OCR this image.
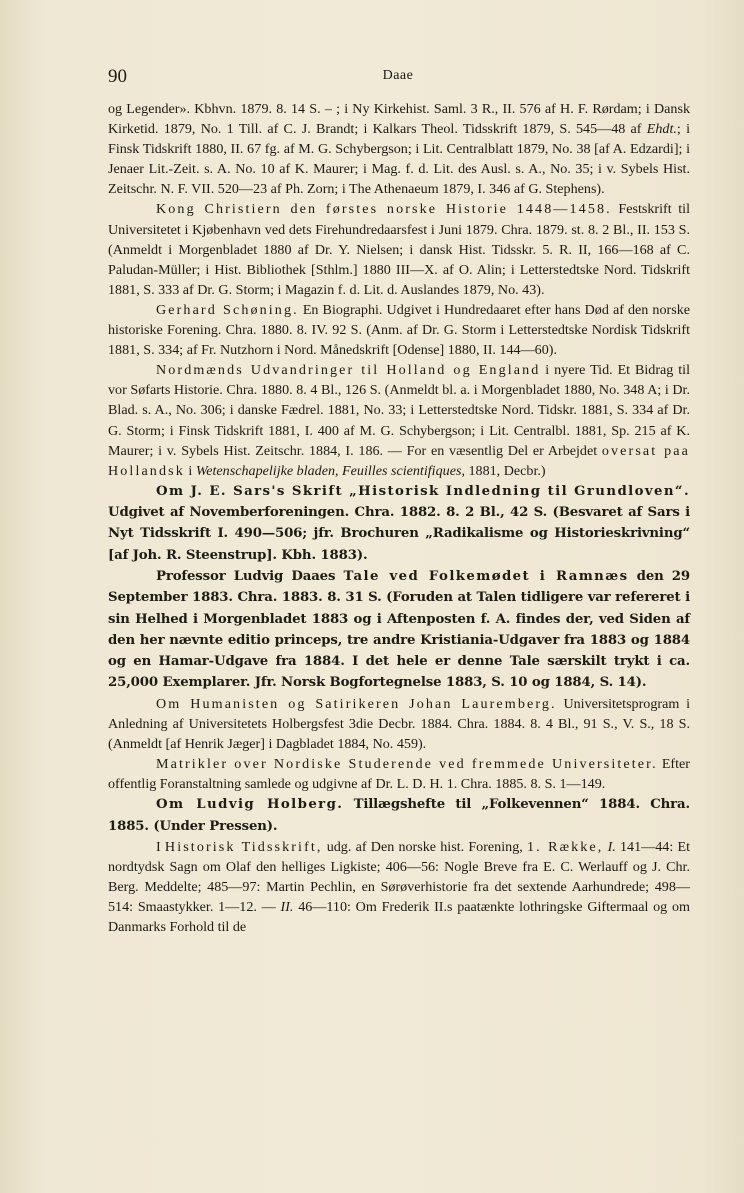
90	Daae

og Legender». Kbhvn. 1879. 8. 14 S. – ; i Ny Kirkehist. Saml. 3 R., II. 576 af H. F. Rørdam; i Dansk Kirketid. 1879, No. 1 Till. af C. J. Brandt; i Kalkars Theol. Tidsskrift 1879, S. 545—48 af Ehdt.; i Finsk Tidskrift 1880, II. 67 fg. af M. G. Schybergson; i Lit. Centralblatt 1879, No. 38 [af A. Edzardi]; i Jenaer Lit.-Zeit. s. A. No. 10 af K. Maurer; i Mag. f. d. Lit. des Ausl. s. A., No. 35; i v. Sybels Hist. Zeitschr. N. F. VII. 520—23 af Ph. Zorn; i The Athenaeum 1879, I. 346 af G. Stephens).

Kong Christiern den førstes norske Historie 1448—1458. Festskrift til Universitetet i Kjøbenhavn ved dets Firehundredaarsfest i Juni 1879. Chra. 1879. st. 8. 2 Bl., II. 153 S. (Anmeldt i Morgenbladet 1880 af Dr. Y. Nielsen; i dansk Hist. Tidsskr. 5. R. II, 166—168 af C. Paludan-Müller; i Hist. Bibliothek [Sthlm.] 1880 III—X. af O. Alin; i Letterstedtske Nord. Tidskrift 1881, S. 333 af Dr. G. Storm; i Magazin f. d. Lit. d. Auslandes 1879, No. 43).

Gerhard Schøning. En Biographi. Udgivet i Hundredaaret efter hans Død af den norske historiske Forening. Chra. 1880. 8. IV. 92 S. (Anm. af Dr. G. Storm i Letterstedtske Nordisk Tidskrift 1881, S. 334; af Fr. Nutzhorn i Nord. Månedskrift [Odense] 1880, II. 144—60).

Nordmænds Udvandringer til Holland og England i nyere Tid. Et Bidrag til vor Søfarts Historie. Chra. 1880. 8. 4 Bl., 126 S. (Anmeldt bl. a. i Morgenbladet 1880, No. 348 A; i Dr. Blad. s. A., No. 306; i danske Fædrel. 1881, No. 33; i Letterstedtske Nord. Tidskr. 1881, S. 334 af Dr. G. Storm; i Finsk Tidskrift 1881, I. 400 af M. G. Schybergson; i Lit. Centralbl. 1881, Sp. 215 af K. Maurer; i v. Sybels Hist. Zeitschr. 1884, I. 186. — For en væsentlig Del er Arbejdet oversat paa Hollandsk i Wetenschapelijke bladen, Feuilles scientifiques, 1881, Decbr.)

Om J. E. Sars's Skrift „Historisk Indledning til Grundloven“. Udgivet af Novemberforeningen. Chra. 1882. 8. 2 Bl., 42 S. (Besvaret af Sars i Nyt Tidsskrift I. 490—506; jfr. Brochuren „Radikalisme og Historieskrivning“ [af Joh. R. Steenstrup]. Kbh. 1883).

Professor Ludvig Daaes Tale ved Folkemødet i Ramnæs den 29 September 1883. Chra. 1883. 8. 31 S. (Foruden at Talen tidligere var refereret i sin Helhed i Morgenbladet 1883 og i Aftenposten f. A. findes der, ved Siden af den her nævnte editio princeps, tre andre Kristiania-Udgaver fra 1883 og 1884 og en Hamar-Udgave fra 1884. I det hele er denne Tale særskilt trykt i ca. 25,000 Exemplarer. Jfr. Norsk Bogfortegnelse 1883, S. 10 og 1884, S. 14).

Om Humanisten og Satirikeren Johan Lauremberg. Universitetsprogram i Anledning af Universitetets Holbergsfest 3die Decbr. 1884. Chra. 1884. 8. 4 Bl., 91 S., V. S., 18 S. (Anmeldt [af Henrik Jæger] i Dagbladet 1884, No. 459).

Matrikler over Nordiske Studerende ved fremmede Universiteter. Efter offentlig Foranstaltning samlede og udgivne af Dr. L. D. H. 1. Chra. 1885. 8. S. 1—149.

Om Ludvig Holberg. Tillægshefte til „Folkevennen“ 1884. Chra. 1885. (Under Pressen).

I Historisk Tidsskrift, udg. af Den norske hist. Forening, 1. Række, I. 141—44: Et nordtydsk Sagn om Olaf den helliges Ligkiste; 406—56: Nogle Breve fra E. C. Werlauff og J. Chr. Berg. Meddelte; 485—97: Martin Pechlin, en Sørøverhistorie fra det sextende Aarhundrede; 498—514: Smaastykker. 1—12. — II. 46—110: Om Frederik II.s paatænkte lothringske Giftermaal og om Danmarks Forhold til de
